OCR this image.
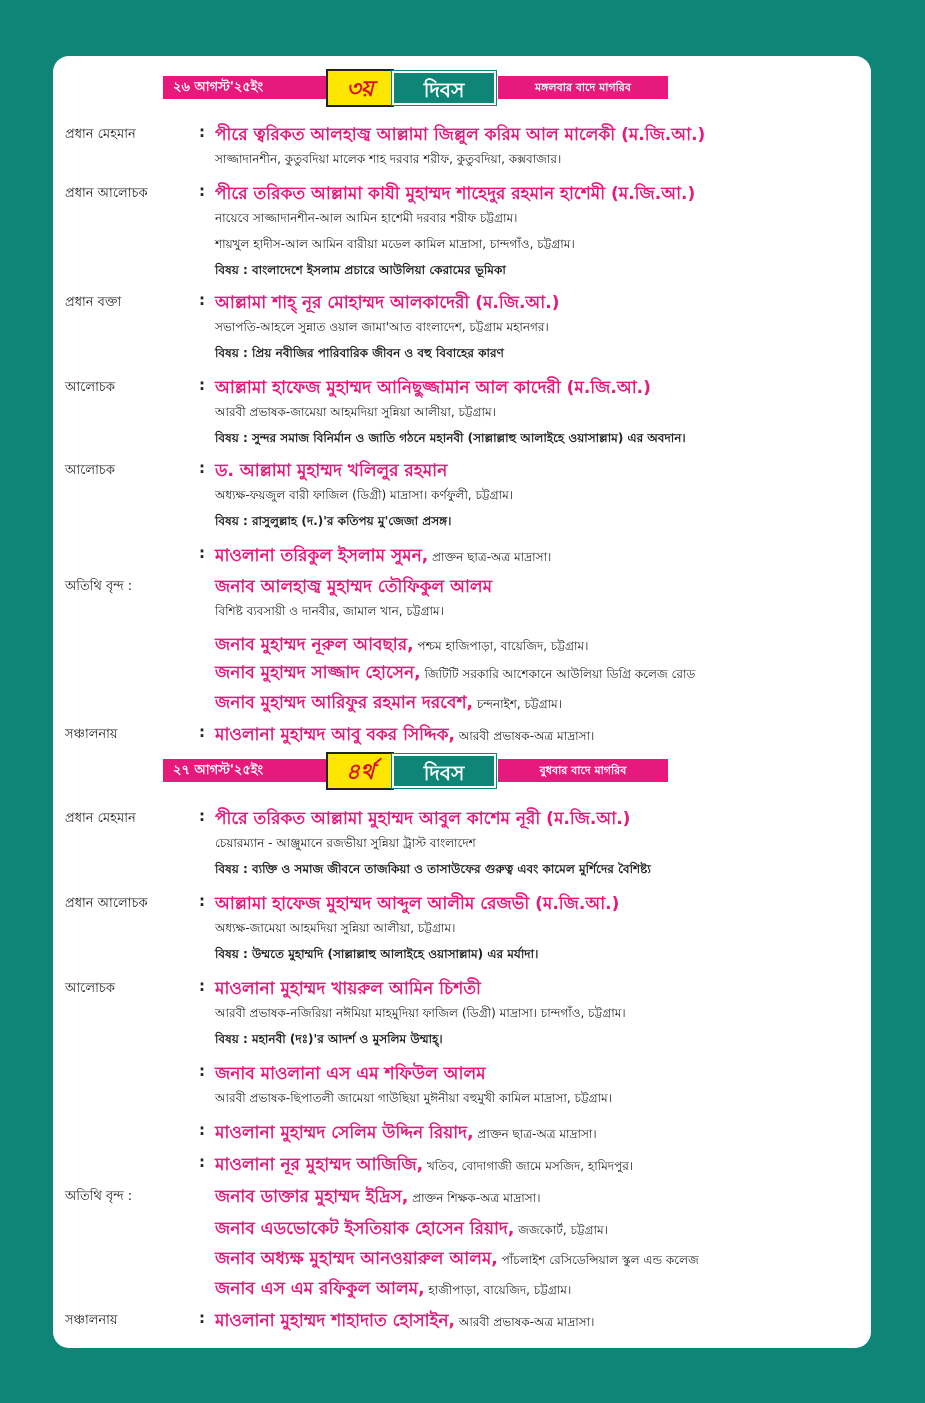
২৬ আগস্ট'২৫ইং	৩য়	দিবস	মঙ্গলবার বাদে মাগরিব
প্রধান মেহমান	: পীরে ত্বরিকত আলহাজ্ব আল্লামা জিল্লুল করিম আল মালেকী (ম.জি.আ.)
সাজ্জাদানশীন, কুতুবদিয়া মালেক শাহ দরবার শরীফ, কুতুবদিয়া, কক্সবাজার।
প্রধান আলোচক	: পীরে তরিকত আল্লামা কাযী মুহাম্মদ শাহেদুর রহমান হাশেমী (ম.জি.আ.)
নায়েবে সাজ্জাদানশীন-আল আমিন হাশেমী দরবার শরীফ চট্টগ্রাম।
শায়খুল হাদীস-আল আমিন বারীয়া মডেল কামিল মাদ্রাসা, চান্দগাঁও, চট্টগ্রাম।
বিষয় : বাংলাদেশে ইসলাম প্রচারে আউলিয়া কেরামের ভূমিকা
প্রধান বক্তা	: আল্লামা শাহ্ নূর মোহাম্মদ আলকাদেরী (ম.জি.আ.)
সভাপতি-আহলে সুন্নাত ওয়াল জামা'আত বাংলাদেশ, চট্টগ্রাম মহানগর।
বিষয় : প্রিয় নবীজির পারিবারিক জীবন ও বহু বিবাহের কারণ
আলোচক	: আল্লামা হাফেজ মুহাম্মদ আনিছুজ্জামান আল কাদেরী (ম.জি.আ.)
আরবী প্রভাষক-জামেয়া আহমদিয়া সুন্নিয়া আলীয়া, চট্টগ্রাম।
বিষয় : সুন্দর সমাজ বিনির্মান ও জাতি গঠনে মহানবী (সাল্লাল্লাহু আলাইহে ওয়াসাল্লাম) এর অবদান।
আলোচক	: ড. আল্লামা মুহাম্মদ খলিলুর রহমান
অধ্যক্ষ-ফয়জুল বারী ফাজিল (ডিগ্রী) মাদ্রাসা। কর্ণফুলী, চট্টগ্রাম।
বিষয় : রাসুলুল্লাহ (দ.)'র কতিপয় মু'জেজা প্রসঙ্গ।
: মাওলানা তরিকুল ইসলাম সুমন, প্রাক্তন ছাত্র-অত্র মাদ্রাসা।
অতিথি বৃন্দ :	জনাব আলহাজ্ব মুহাম্মদ তৌফিকুল আলম
বিশিষ্ট ব্যবসায়ী ও দানবীর, জামাল খান, চট্টগ্রাম।
জনাব মুহাম্মদ নূরুল আবছার, পশ্চম হাজিপাড়া, বায়েজিদ, চট্টগ্রাম।
জনাব মুহাম্মদ সাজ্জাদ হোসেন, জিটিটি সরকারি আশেকানে আউলিয়া ডিগ্রি কলেজ রোড
জনাব মুহাম্মদ আরিফুর রহমান দরবেশ, চন্দনাইশ, চট্টগ্রাম।
সঞ্চালনায়	: মাওলানা মুহাম্মদ আবু বকর সিদ্দিক, আরবী প্রভাষক-অত্র মাদ্রাসা।
২৭ আগস্ট'২৫ইং	৪র্থ	দিবস	বুধবার বাদে মাগরিব
প্রধান মেহমান	: পীরে তরিকত আল্লামা মুহাম্মদ আবুল কাশেম নূরী (ম.জি.আ.)
চেয়ারম্যান - আঞ্জুমানে রজভীয়া সুন্নিয়া ট্রাস্ট বাংলাদেশ
বিষয় : ব্যক্তি ও সমাজ জীবনে তাজকিয়া ও তাসাউফের গুরুত্ব এবং কামেল মুর্শিদের বৈশিষ্ট্য
প্রধান আলোচক	: আল্লামা হাফেজ মুহাম্মদ আব্দুল আলীম রেজভী (ম.জি.আ.)
অধ্যক্ষ-জামেয়া আহমদিয়া সুন্নিয়া আলীয়া, চট্টগ্রাম।
বিষয় : উম্মতে মুহাম্মদি (সাল্লাল্লাহু আলাইহে ওয়াসাল্লাম) এর মর্যাদা।
আলোচক	: মাওলানা মুহাম্মদ খায়রুল আমিন চিশতী
আরবী প্রভাষক-নজিরিয়া নঈমিয়া মাহমুদিয়া ফাজিল (ডিগ্রী) মাদ্রাসা। চান্দগাঁও, চট্টগ্রাম।
বিষয় : মহানবী (দঃ)'র আদর্শ ও মুসলিম উম্মাহ্।
: জনাব মাওলানা এস এম শফিউল আলম
আরবী প্রভাষক-ছিপাতলী জামেয়া গাউছিয়া মুঈনীয়া বহুমুখী কামিল মাদ্রাসা, চট্টগ্রাম।
: মাওলানা মুহাম্মদ সেলিম উদ্দিন রিয়াদ, প্রাক্তন ছাত্র-অত্র মাদ্রাসা।
: মাওলানা নূর মুহাম্মদ আজিজি, খতিব, বোদাগাজী জামে মসজিদ, হামিদপুর।
অতিথি বৃন্দ :	জনাব ডাক্তার মুহাম্মদ ইদ্রিস, প্রাক্তন শিক্ষক-অত্র মাদ্রাসা।
জনাব এডভোকেট ইসতিয়াক হোসেন রিয়াদ, জজকোর্ট, চট্টগ্রাম।
জনাব অধ্যক্ষ মুহাম্মদ আনওয়ারুল আলম, পাঁচলাইশ রেসিডেন্সিয়াল স্কুল এন্ড কলেজ
জনাব এস এম রফিকুল আলম, হাজীপাড়া, বায়েজিদ, চট্টগ্রাম।
সঞ্চালনায়	: মাওলানা মুহাম্মদ শাহাদাত হোসাইন, আরবী প্রভাষক-অত্র মাদ্রাসা।
